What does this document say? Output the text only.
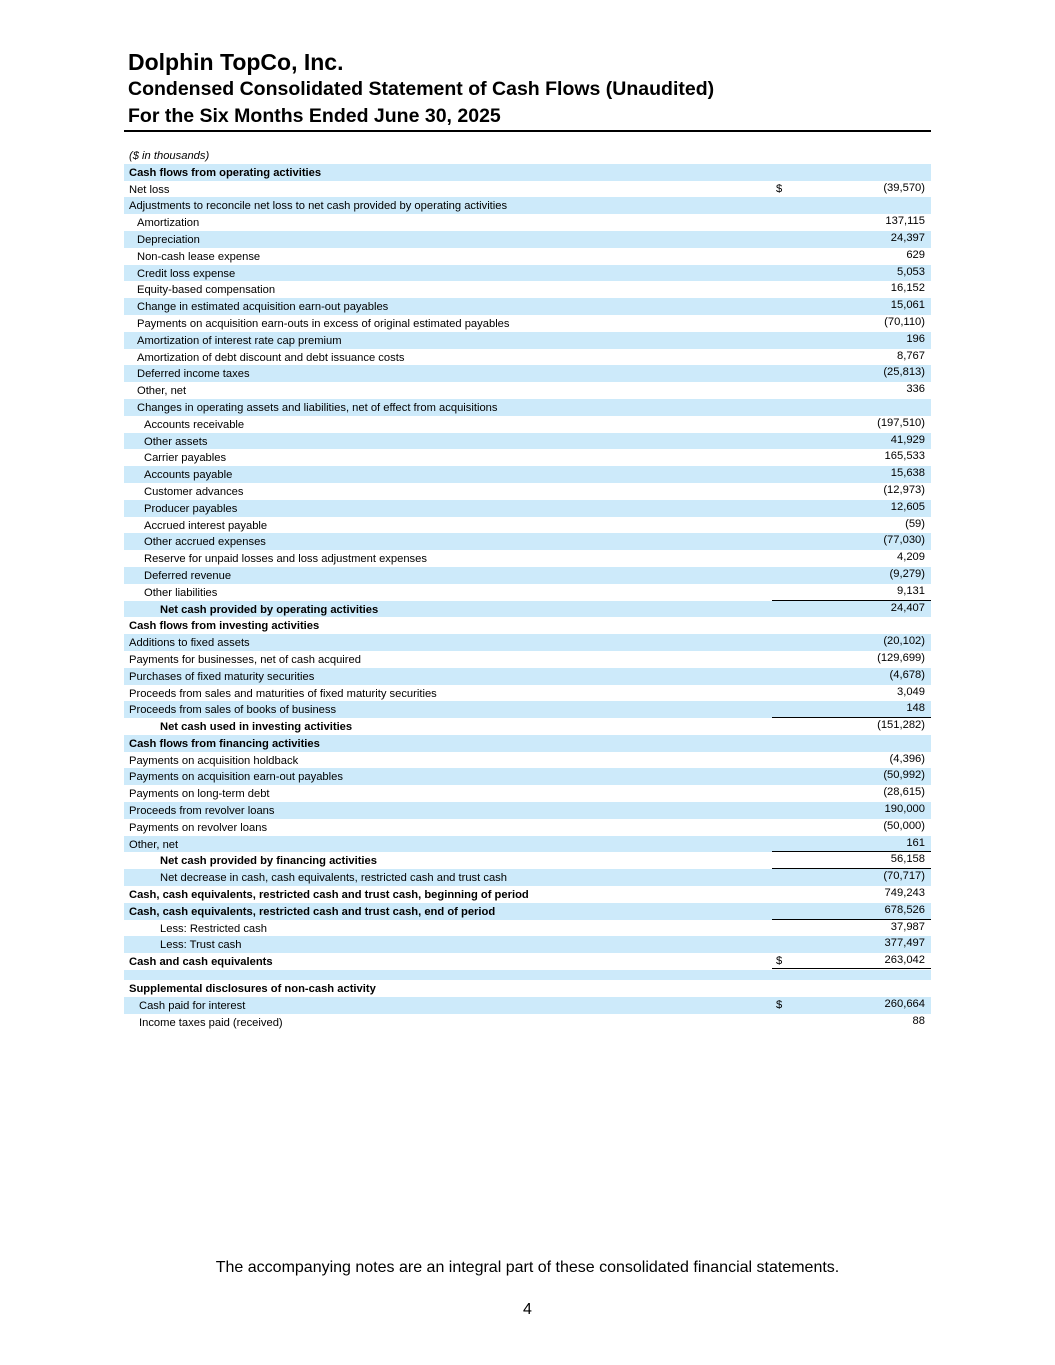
Dolphin TopCo, Inc.
Condensed Consolidated Statement of Cash Flows (Unaudited)
For the Six Months Ended June 30, 2025
($ in thousands)
Cash flows from operating activities
Net loss	$	(39,570)
Adjustments to reconcile net loss to net cash provided by operating activities
Amortization	137,115
Depreciation	24,397
Non-cash lease expense	629
Credit loss expense	5,053
Equity-based compensation	16,152
Change in estimated acquisition earn-out payables	15,061
Payments on acquisition earn-outs in excess of original estimated payables	(70,110)
Amortization of interest rate cap premium	196
Amortization of debt discount and debt issuance costs	8,767
Deferred income taxes	(25,813)
Other, net	336
Changes in operating assets and liabilities, net of effect from acquisitions
Accounts receivable	(197,510)
Other assets	41,929
Carrier payables	165,533
Accounts payable	15,638
Customer advances	(12,973)
Producer payables	12,605
Accrued interest payable	(59)
Other accrued expenses	(77,030)
Reserve for unpaid losses and loss adjustment expenses	4,209
Deferred revenue	(9,279)
Other liabilities	9,131
Net cash provided by operating activities	24,407
Cash flows from investing activities
Additions to fixed assets	(20,102)
Payments for businesses, net of cash acquired	(129,699)
Purchases of fixed maturity securities	(4,678)
Proceeds from sales and maturities of fixed maturity securities	3,049
Proceeds from sales of books of business	148
Net cash used in investing activities	(151,282)
Cash flows from financing activities
Payments on acquisition holdback	(4,396)
Payments on acquisition earn-out payables	(50,992)
Payments on long-term debt	(28,615)
Proceeds from revolver loans	190,000
Payments on revolver loans	(50,000)
Other, net	161
Net cash provided by financing activities	56,158
Net decrease in cash, cash equivalents, restricted cash and trust cash	(70,717)
Cash, cash equivalents, restricted cash and trust cash, beginning of period	749,243
Cash, cash equivalents, restricted cash and trust cash, end of period	678,526
Less: Restricted cash	37,987
Less: Trust cash	377,497
Cash and cash equivalents	$	263,042
Supplemental disclosures of non-cash activity
Cash paid for interest	$	260,664
Income taxes paid (received)	88
The accompanying notes are an integral part of these consolidated financial statements.
4
